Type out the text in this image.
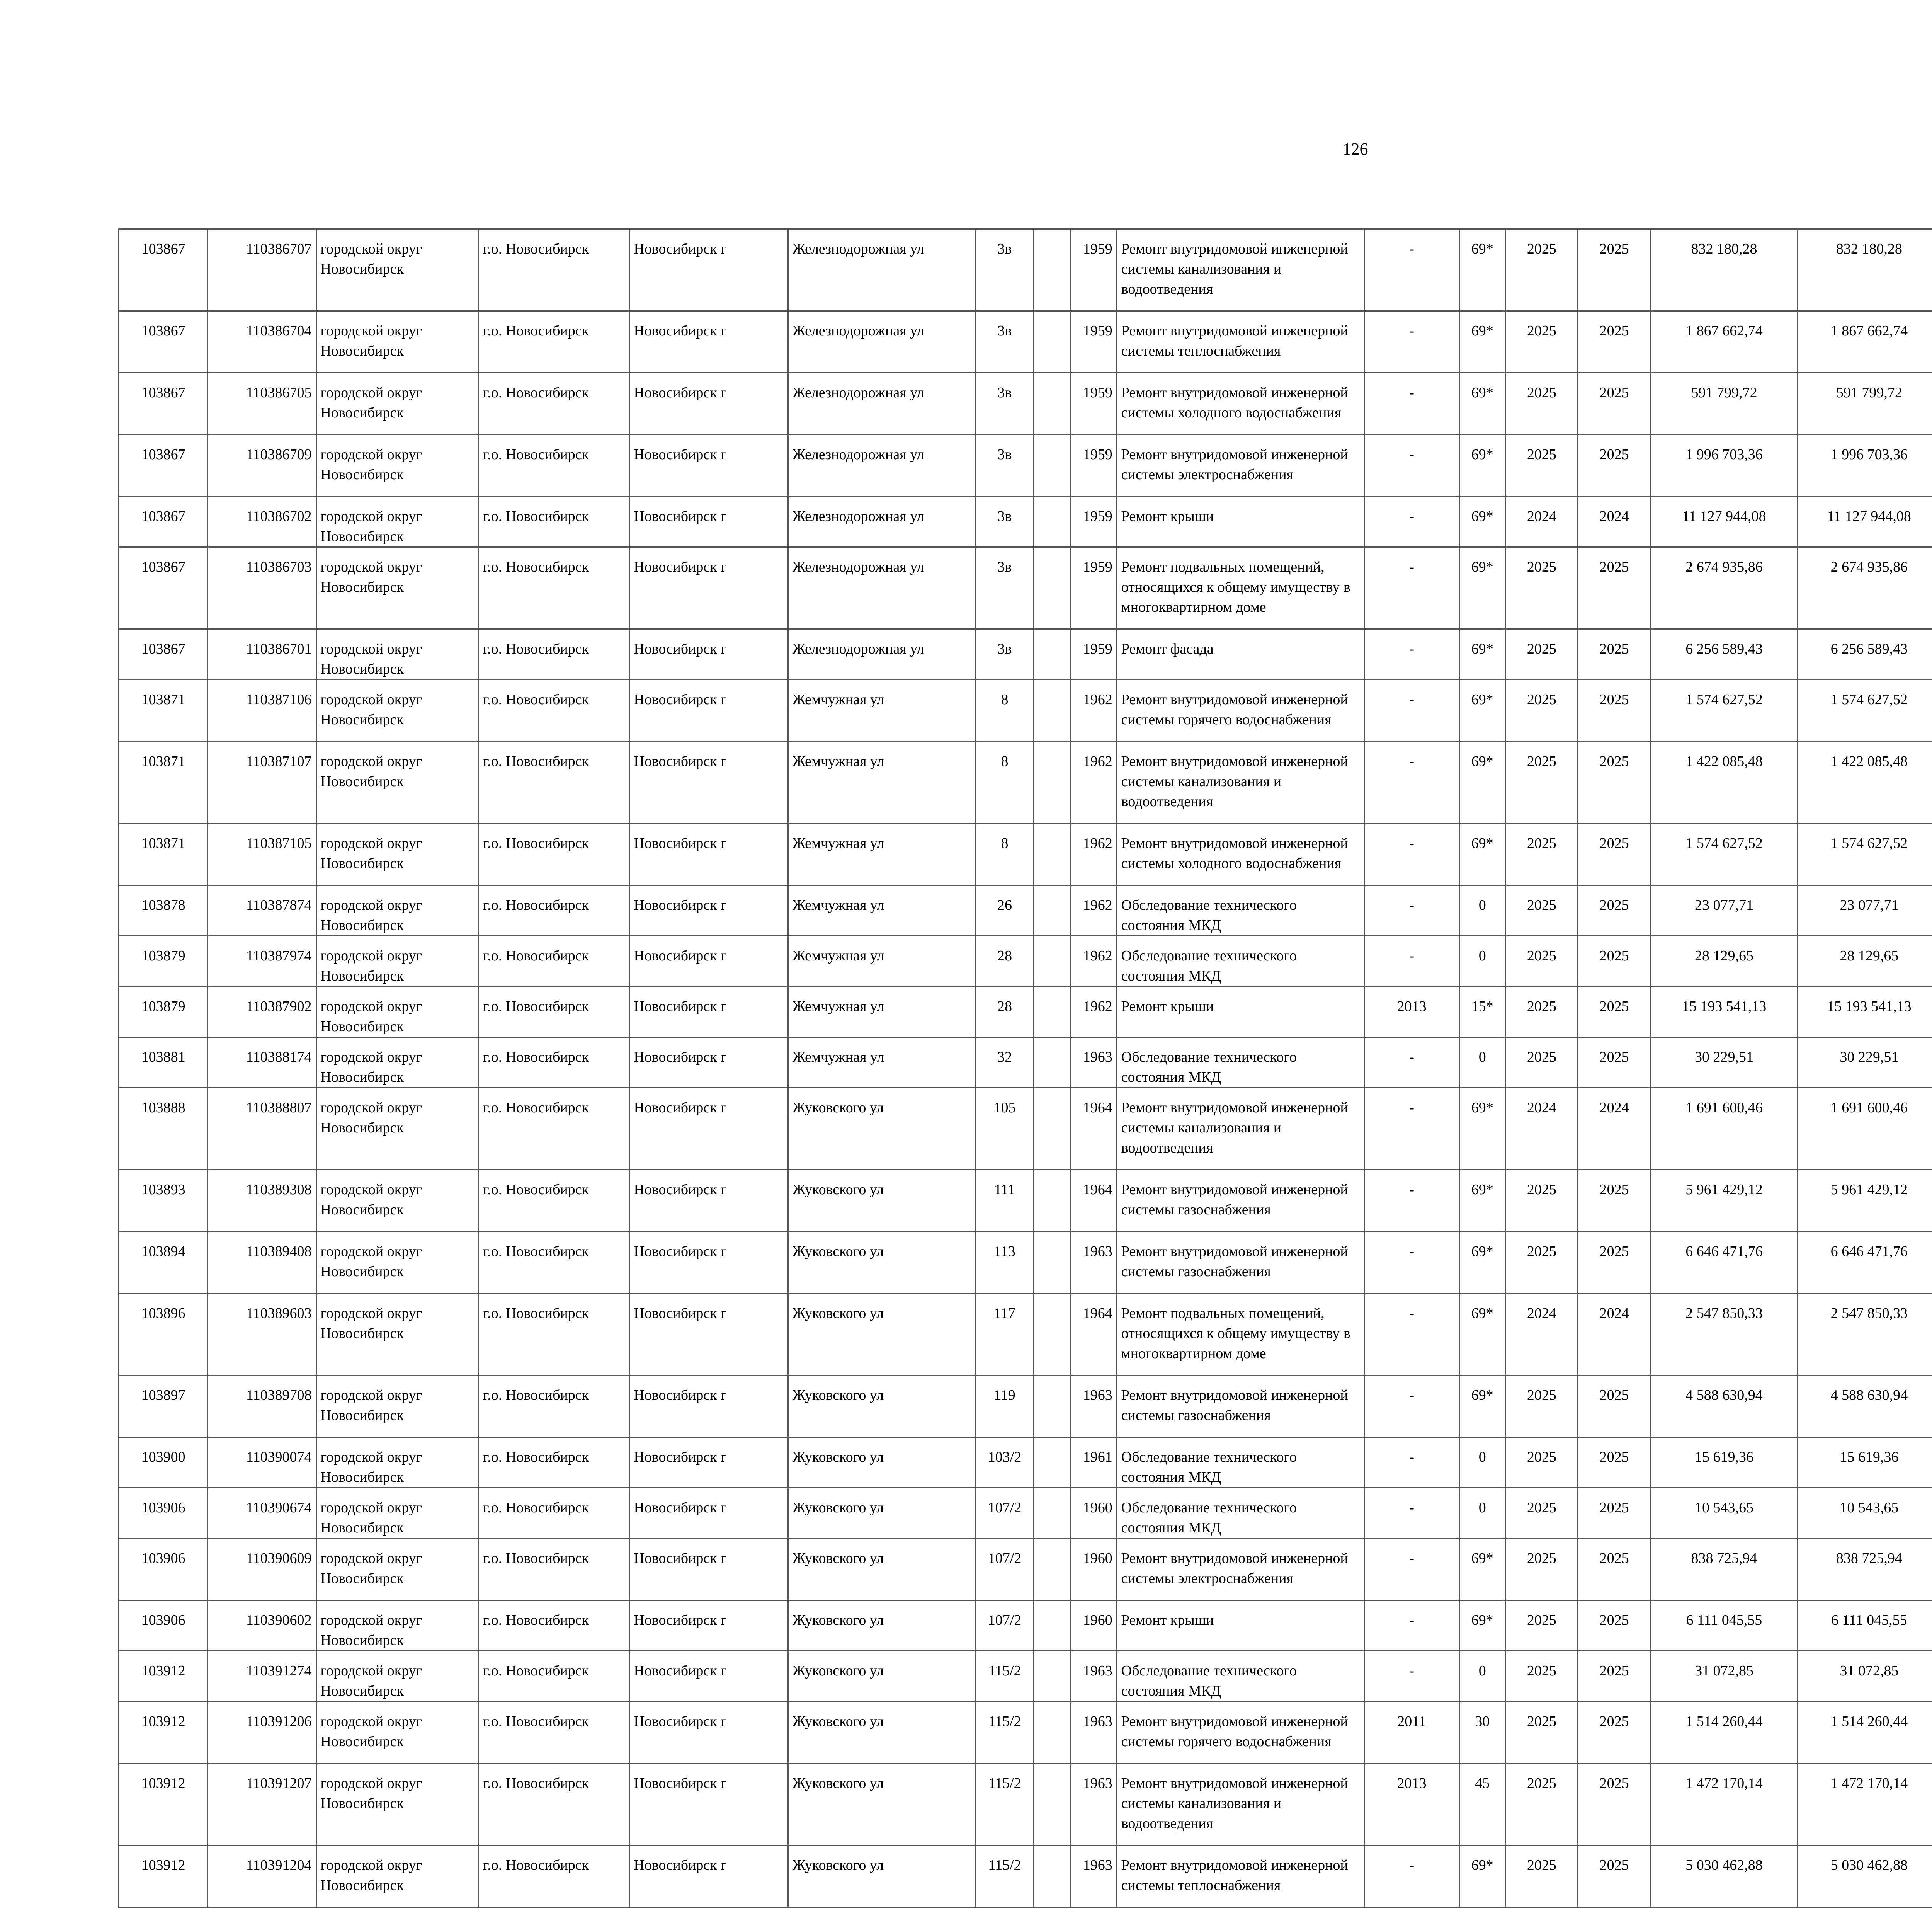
126
103867	110386707	городской округ Новосибирск	г.о. Новосибирск	Новосибирск г	Железнодорожная ул	3в		1959	Ремонт внутридомовой инженерной системы канализования и водоотведения	-	69*	2025	2025	832 180,28	832 180,28						
103867	110386704	городской округ Новосибирск	г.о. Новосибирск	Новосибирск г	Железнодорожная ул	3в		1959	Ремонт внутридомовой инженерной системы теплоснабжения	-	69*	2025	2025	1 867 662,74	1 867 662,74						
103867	110386705	городской округ Новосибирск	г.о. Новосибирск	Новосибирск г	Железнодорожная ул	3в		1959	Ремонт внутридомовой инженерной системы холодного водоснабжения	-	69*	2025	2025	591 799,72	591 799,72						
103867	110386709	городской округ Новосибирск	г.о. Новосибирск	Новосибирск г	Железнодорожная ул	3в		1959	Ремонт внутридомовой инженерной системы электроснабжения	-	69*	2025	2025	1 996 703,36	1 996 703,36						
103867	110386702	городской округ Новосибирск	г.о. Новосибирск	Новосибирск г	Железнодорожная ул	3в		1959	Ремонт крыши	-	69*	2024	2024	11 127 944,08	11 127 944,08						
103867	110386703	городской округ Новосибирск	г.о. Новосибирск	Новосибирск г	Железнодорожная ул	3в		1959	Ремонт подвальных помещений, относящихся к общему имуществу в многоквартирном доме	-	69*	2025	2025	2 674 935,86	2 674 935,86						
103867	110386701	городской округ Новосибирск	г.о. Новосибирск	Новосибирск г	Железнодорожная ул	3в		1959	Ремонт фасада	-	69*	2025	2025	6 256 589,43	6 256 589,43						
103871	110387106	городской округ Новосибирск	г.о. Новосибирск	Новосибирск г	Жемчужная ул	8		1962	Ремонт внутридомовой инженерной системы горячего водоснабжения	-	69*	2025	2025	1 574 627,52	1 574 627,52						
103871	110387107	городской округ Новосибирск	г.о. Новосибирск	Новосибирск г	Жемчужная ул	8		1962	Ремонт внутридомовой инженерной системы канализования и водоотведения	-	69*	2025	2025	1 422 085,48	1 422 085,48						
103871	110387105	городской округ Новосибирск	г.о. Новосибирск	Новосибирск г	Жемчужная ул	8		1962	Ремонт внутридомовой инженерной системы холодного водоснабжения	-	69*	2025	2025	1 574 627,52	1 574 627,52						
103878	110387874	городской округ Новосибирск	г.о. Новосибирск	Новосибирск г	Жемчужная ул	26		1962	Обследование технического состояния МКД	-	0	2025	2025	23 077,71	23 077,71						
103879	110387974	городской округ Новосибирск	г.о. Новосибирск	Новосибирск г	Жемчужная ул	28		1962	Обследование технического состояния МКД	-	0	2025	2025	28 129,65	28 129,65						
103879	110387902	городской округ Новосибирск	г.о. Новосибирск	Новосибирск г	Жемчужная ул	28		1962	Ремонт крыши	2013	15*	2025	2025	15 193 541,13	15 193 541,13						
103881	110388174	городской округ Новосибирск	г.о. Новосибирск	Новосибирск г	Жемчужная ул	32		1963	Обследование технического состояния МКД	-	0	2025	2025	30 229,51	30 229,51						
103888	110388807	городской округ Новосибирск	г.о. Новосибирск	Новосибирск г	Жуковского ул	105		1964	Ремонт внутридомовой инженерной системы канализования и водоотведения	-	69*	2024	2024	1 691 600,46	1 691 600,46						
103893	110389308	городской округ Новосибирск	г.о. Новосибирск	Новосибирск г	Жуковского ул	111		1964	Ремонт внутридомовой инженерной системы газоснабжения	-	69*	2025	2025	5 961 429,12	5 961 429,12						
103894	110389408	городской округ Новосибирск	г.о. Новосибирск	Новосибирск г	Жуковского ул	113		1963	Ремонт внутридомовой инженерной системы газоснабжения	-	69*	2025	2025	6 646 471,76	6 646 471,76						
103896	110389603	городской округ Новосибирск	г.о. Новосибирск	Новосибирск г	Жуковского ул	117		1964	Ремонт подвальных помещений, относящихся к общему имуществу в многоквартирном доме	-	69*	2024	2024	2 547 850,33	2 547 850,33						
103897	110389708	городской округ Новосибирск	г.о. Новосибирск	Новосибирск г	Жуковского ул	119		1963	Ремонт внутридомовой инженерной системы газоснабжения	-	69*	2025	2025	4 588 630,94	4 588 630,94						
103900	110390074	городской округ Новосибирск	г.о. Новосибирск	Новосибирск г	Жуковского ул	103/2		1961	Обследование технического состояния МКД	-	0	2025	2025	15 619,36	15 619,36						
103906	110390674	городской округ Новосибирск	г.о. Новосибирск	Новосибирск г	Жуковского ул	107/2		1960	Обследование технического состояния МКД	-	0	2025	2025	10 543,65	10 543,65						
103906	110390609	городской округ Новосибирск	г.о. Новосибирск	Новосибирск г	Жуковского ул	107/2		1960	Ремонт внутридомовой инженерной системы электроснабжения	-	69*	2025	2025	838 725,94	838 725,94						
103906	110390602	городской округ Новосибирск	г.о. Новосибирск	Новосибирск г	Жуковского ул	107/2		1960	Ремонт крыши	-	69*	2025	2025	6 111 045,55	6 111 045,55						
103912	110391274	городской округ Новосибирск	г.о. Новосибирск	Новосибирск г	Жуковского ул	115/2		1963	Обследование технического состояния МКД	-	0	2025	2025	31 072,85	31 072,85						
103912	110391206	городской округ Новосибирск	г.о. Новосибирск	Новосибирск г	Жуковского ул	115/2		1963	Ремонт внутридомовой инженерной системы горячего водоснабжения	2011	30	2025	2025	1 514 260,44	1 514 260,44						
103912	110391207	городской округ Новосибирск	г.о. Новосибирск	Новосибирск г	Жуковского ул	115/2		1963	Ремонт внутридомовой инженерной системы канализования и водоотведения	2013	45	2025	2025	1 472 170,14	1 472 170,14						
103912	110391204	городской округ Новосибирск	г.о. Новосибирск	Новосибирск г	Жуковского ул	115/2		1963	Ремонт внутридомовой инженерной системы теплоснабжения	-	69*	2025	2025	5 030 462,88	5 030 462,88						
